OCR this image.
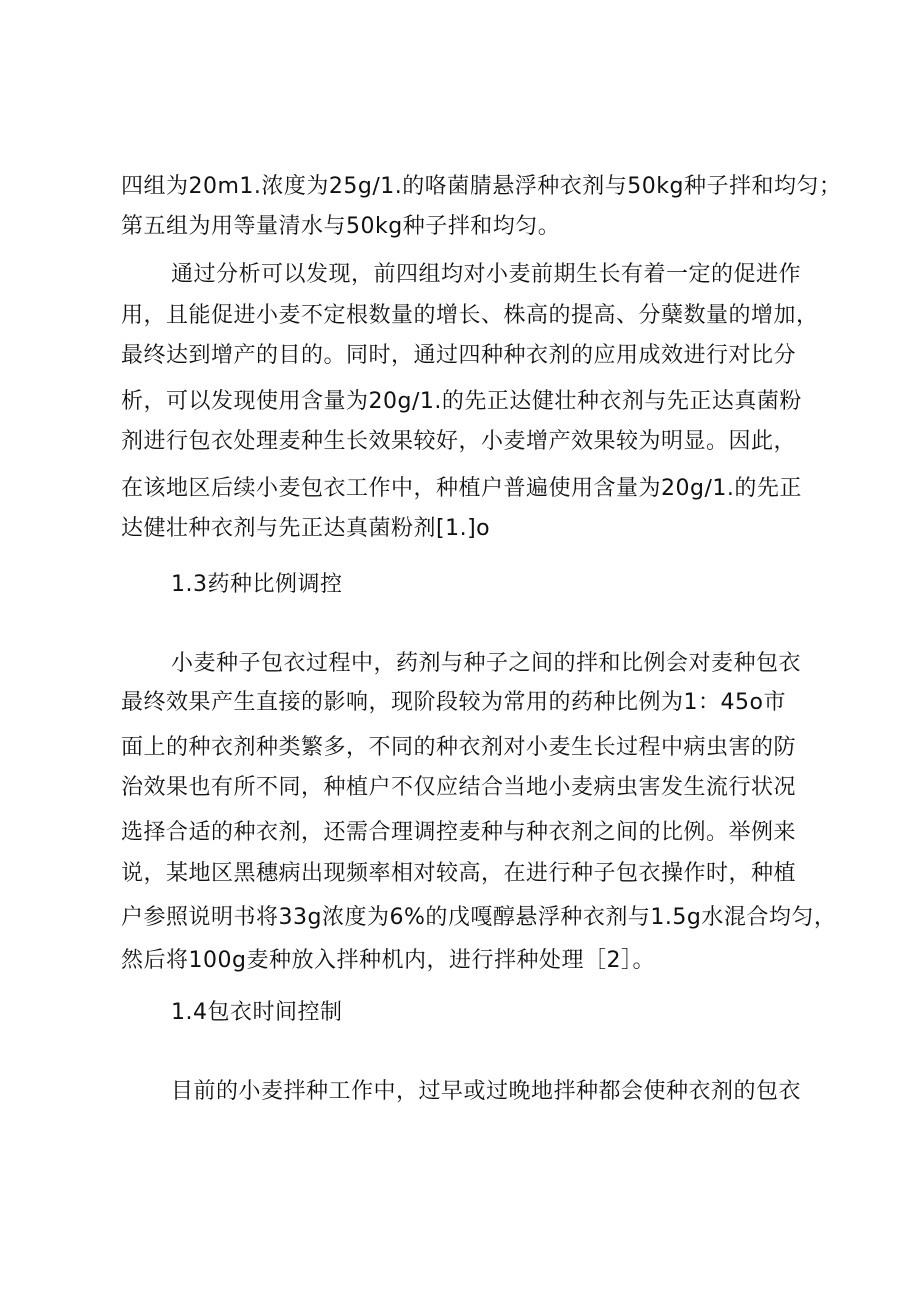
四组为20m1.浓度为25g∕1.的咯菌腈悬浮种衣剂与50kg种子拌和均匀；
第五组为用等量清水与50kg种子拌和均匀。
通过分析可以发现，前四组均对小麦前期生长有着一定的促进作
用，且能促进小麦不定根数量的增长、株高的提高、分蘖数量的增加，
最终达到增产的目的。同时，通过四种种衣剂的应用成效进行对比分
析，可以发现使用含量为20g∕1.的先正达健壮种衣剂与先正达真菌粉
剂进行包衣处理麦种生长效果较好，小麦增产效果较为明显。因此，
在该地区后续小麦包衣工作中，种植户普遍使用含量为20g∕1.的先正
达健壮种衣剂与先正达真菌粉剂[1.]o
1.3药种比例调控
小麦种子包衣过程中，药剂与种子之间的拌和比例会对麦种包衣
最终效果产生直接的影响，现阶段较为常用的药种比例为1：45o市
面上的种衣剂种类繁多，不同的种衣剂对小麦生长过程中病虫害的防
治效果也有所不同，种植户不仅应结合当地小麦病虫害发生流行状况
选择合适的种衣剂，还需合理调控麦种与种衣剂之间的比例。举例来
说，某地区黑穗病出现频率相对较高，在进行种子包衣操作时，种植
户参照说明书将33g浓度为6%的戊嘎醇悬浮种衣剂与1.5g水混合均匀，
然后将100g麦种放入拌种机内，进行拌种处理［2］。
1.4包衣时间控制
目前的小麦拌种工作中，过早或过晚地拌种都会使种衣剂的包衣
